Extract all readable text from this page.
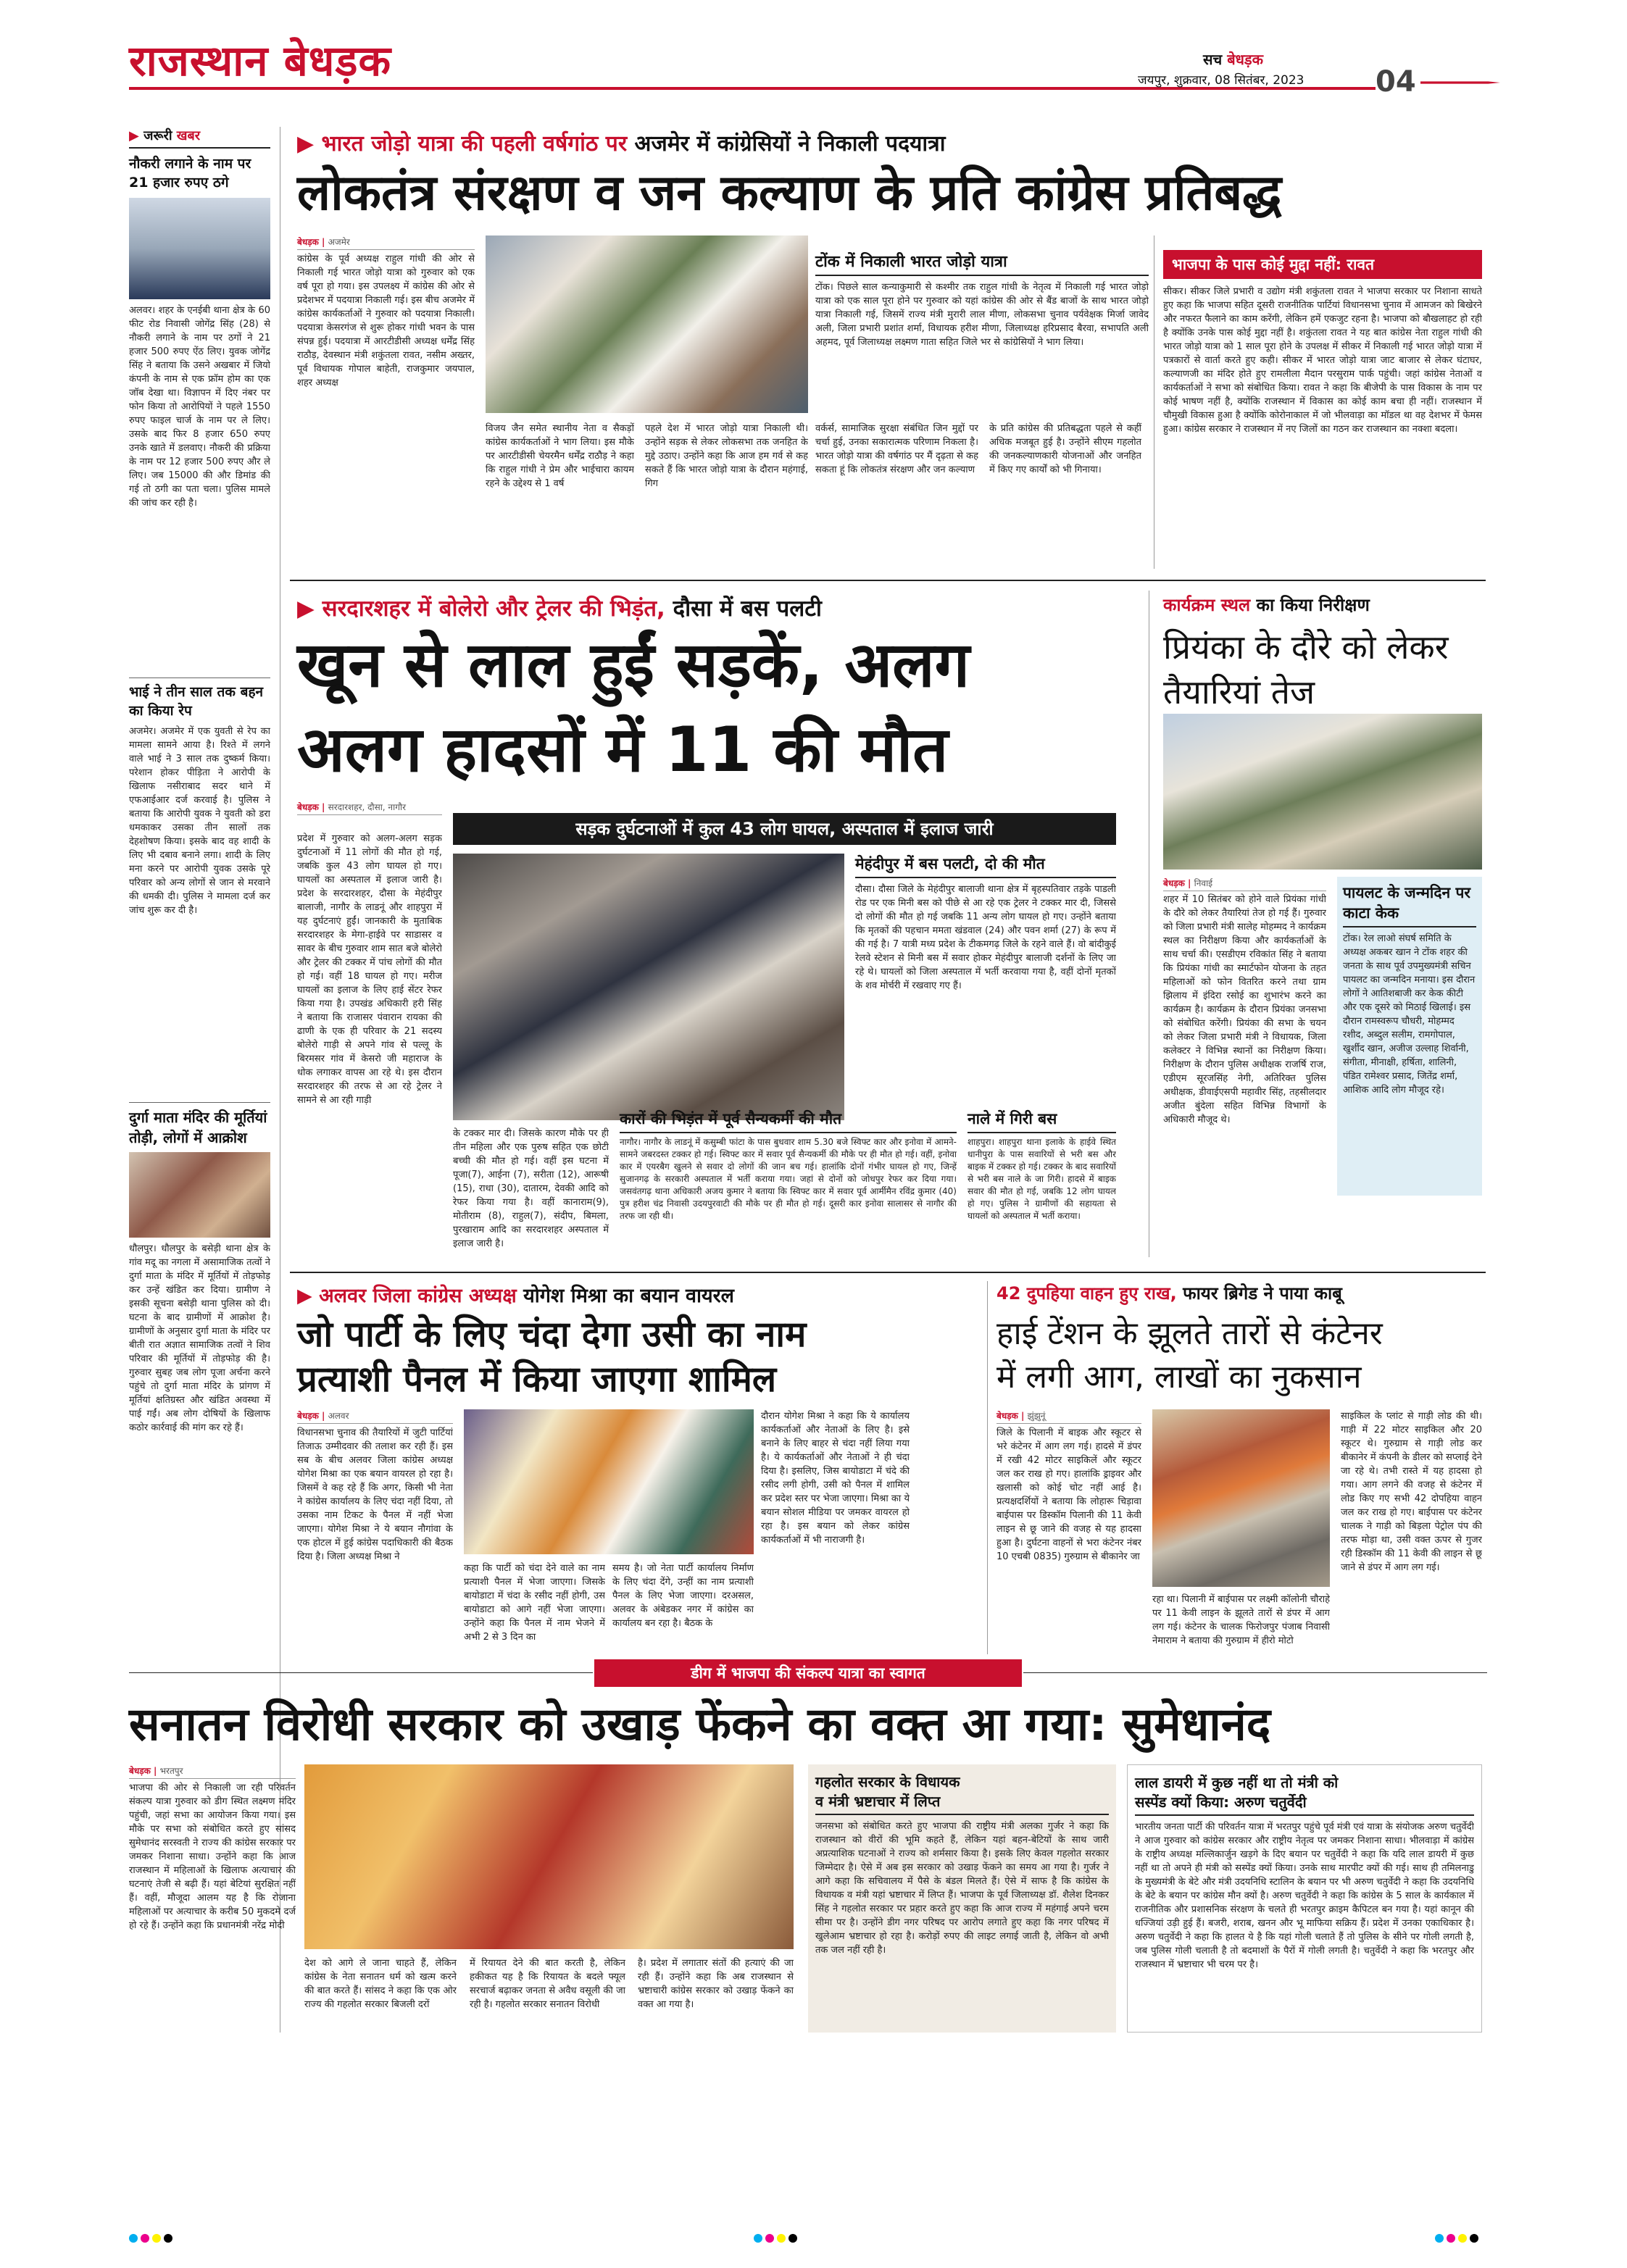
राजस्थान बेधड़क	सच बेधड़क
जयपुर, शुक्रवार, 08 सितंबर, 2023 04
▶ जरूरी खबर
नौकरी लगाने के नाम पर 21 हजार रुपए ठगे
अलवर। शहर के एनईबी थाना क्षेत्र के 60 फीट रोड निवासी जोगेंद्र सिंह (28) से नौकरी लगाने के नाम पर ठगों ने 21 हजार 500 रुपए ऐंठ लिए। युवक जोगेंद्र सिंह ने बताया कि उसने अखबार में जियो कंपनी के नाम से एक फ्रॉम होम का एक जॉब देखा था। विज्ञापन में दिए नंबर पर फोन किया तो आरोपियों ने पहले 1550 रुपए फाइल चार्ज के नाम पर ले लिए। उसके बाद फिर 8 हजार 650 रुपए उनके खाते में डलवाए। नौकरी की प्रक्रिया के नाम पर 12 हजार 500 रुपए और ले लिए। जब 15000 की और डिमांड की गई तो ठगी का पता चला। पुलिस मामले की जांच कर रही है।
भाई ने तीन साल तक बहन का किया रेप
अजमेर। अजमेर में एक युवती से रेप का मामला सामने आया है। रिश्ते में लगने वाले भाई ने 3 साल तक दुष्कर्म किया। परेशान होकर पीड़िता ने आरोपी के खिलाफ नसीराबाद सदर थाने में एफआईआर दर्ज करवाई है। पुलिस ने बताया कि आरोपी युवक ने युवती को डरा धमकाकर उसका तीन सालों तक देहशोषण किया। इसके बाद वह शादी के लिए भी दबाव बनाने लगा। शादी के लिए मना करने पर आरोपी युवक उसके पूरे परिवार को अन्य लोगों से जान से मरवाने की धमकी दी। पुलिस ने मामला दर्ज कर जांच शुरू कर दी है।
दुर्गा माता मंदिर की मूर्तियां तोड़ी, लोगों में आक्रोश
धौलपुर। धौलपुर के बसेड़ी थाना क्षेत्र के गांव मदू का नगला में असामाजिक तत्वों ने दुर्गा माता के मंदिर में मूर्तियों में तोड़फोड़ कर उन्हें खंडित कर दिया। ग्रामीण ने इसकी सूचना बसेड़ी थाना पुलिस को दी। घटना के बाद ग्रामीणों में आक्रोश है। ग्रामीणों के अनुसार दुर्गा माता के मंदिर पर बीती रात अज्ञात सामाजिक तत्वों ने शिव परिवार की मूर्तियों में तोड़फोड़ की है। गुरुवार सुबह जब लोग पूजा अर्चना करने पहुंचे तो दुर्गा माता मंदिर के प्रांगण में मूर्तियां क्षतिग्रस्त और खंडित अवस्था में पाई गईं। अब लोग दोषियों के खिलाफ कठोर कार्रवाई की मांग कर रहे हैं।
▶ भारत जोड़ो यात्रा की पहली वर्षगांठ पर अजमेर में कांग्रेसियों ने निकाली पदयात्रा
लोकतंत्र संरक्षण व जन कल्याण के प्रति कांग्रेस प्रतिबद्ध
बेधड़क | अजमेर
कांग्रेस के पूर्व अध्यक्ष राहुल गांधी की ओर से निकाली गई भारत जोड़ो यात्रा को गुरुवार को एक वर्ष पूरा हो गया। इस उपलक्ष्य में कांग्रेस की ओर से प्रदेशभर में पदयात्रा निकाली गई। इस बीच अजमेर में कांग्रेस कार्यकर्ताओं ने गुरुवार को पदयात्रा निकाली। पदयात्रा केसरगंज से शुरू होकर गांधी भवन के पास संपन्न हुई। पदयात्रा में आरटीडीसी अध्यक्ष धर्मेंद्र सिंह राठौड़, देवस्थान मंत्री शकुंतला रावत, नसीम अख्तर, पूर्व विधायक गोपाल बाहेती, राजकुमार जयपाल, शहर अध्यक्ष
विजय जैन समेत स्थानीय नेता व सैकड़ों कांग्रेस कार्यकर्ताओं ने भाग लिया। इस मौके पर आरटीडीसी चेयरमैन धर्मेंद्र राठौड़ ने कहा कि राहुल गांधी ने प्रेम और भाईचारा कायम रहने के उद्देश्य से 1 वर्ष
पहले देश में भारत जोड़ो यात्रा निकाली थी। उन्होंने सड़क से लेकर लोकसभा तक जनहित के मुद्दे उठाए। उन्होंने कहा कि आज हम गर्व से कह सकते हैं कि भारत जोड़ो यात्रा के दौरान महंगाई, गिग
वर्कर्स, सामाजिक सुरक्षा संबंधित जिन मुद्दों पर चर्चा हुई, उनका सकारात्मक परिणाम निकला है। भारत जोड़ो यात्रा की वर्षगांठ पर मैं दृढ़ता से कह सकता हूं कि लोकतंत्र संरक्षण और जन कल्याण
के प्रति कांग्रेस की प्रतिबद्धता पहले से कहीं अधिक मजबूत हुई है। उन्होंने सीएम गहलोत की जनकल्याणकारी योजनाओं और जनहित में किए गए कार्यों को भी गिनाया।
टोंक में निकाली भारत जोड़ो यात्रा
टोंक। पिछले साल कन्याकुमारी से कश्मीर तक राहुल गांधी के नेतृत्व में निकाली गई भारत जोड़ो यात्रा को एक साल पूरा होने पर गुरुवार को यहां कांग्रेस की ओर से बैंड बाजों के साथ भारत जोड़ो यात्रा निकाली गई, जिसमें राज्य मंत्री मुरारी लाल मीणा, लोकसभा चुनाव पर्यवेक्षक मिर्जा जावेद अली, जिला प्रभारी प्रशांत शर्मा, विधायक हरीश मीणा, जिलाध्यक्ष हरिप्रसाद बैरवा, सभापति अली अहमद, पूर्व जिलाध्यक्ष लक्ष्मण गाता सहित जिले भर से कांग्रेसियों ने भाग लिया।
भाजपा के पास कोई मुद्दा नहीं: रावत
सीकर। सीकर जिले प्रभारी व उद्योग मंत्री शकुंतला रावत ने भाजपा सरकार पर निशाना साधते हुए कहा कि भाजपा सहित दूसरी राजनीतिक पार्टियां विधानसभा चुनाव में आमजन को बिखेरने और नफरत फैलाने का काम करेंगी, लेकिन हमें एकजुट रहना है। भाजपा को बौखलाहट हो रही है क्योंकि उनके पास कोई मुद्दा नहीं है। शकुंतला रावत ने यह बात कांग्रेस नेता राहुल गांधी की भारत जोड़ो यात्रा को 1 साल पूरा होने के उपलक्ष में सीकर में निकाली गई भारत जोड़ो यात्रा में पत्रकारों से वार्ता करते हुए कही। सीकर में भारत जोड़ो यात्रा जाट बाजार से लेकर घंटाघर, कल्याणजी का मंदिर होते हुए रामलीला मैदान परसुराम पार्क पहुंची। जहां कांग्रेस नेताओं व कार्यकर्ताओं ने सभा को संबोधित किया। रावत ने कहा कि बीजेपी के पास विकास के नाम पर कोई भाषण नहीं है, क्योंकि राजस्थान में विकास का कोई काम बचा ही नहीं। राजस्थान में चौमुखी विकास हुआ है क्योंकि कोरोनाकाल में जो भीलवाड़ा का मॉडल था वह देशभर में फेमस हुआ। कांग्रेस सरकार ने राजस्थान में नए जिलों का गठन कर राजस्थान का नक्शा बदला।
▶ सरदारशहर में बोलेरो और ट्रेलर की भिड़ंत, दौसा में बस पलटी
खून से लाल हुईं सड़कें, अलग
अलग हादसों में 11 की मौत
बेधड़क | सरदारशहर, दौसा, नागौर
प्रदेश में गुरुवार को अलग-अलग सड़क दुर्घटनाओं में 11 लोगों की मौत हो गई, जबकि कुल 43 लोग घायल हो गए। घायलों का अस्पताल में इलाज जारी है। प्रदेश के सरदारशहर, दौसा के मेहंदीपुर बालाजी, नागौर के लाडनूं और शाहपुरा में यह दुर्घटनाएं हुईं। जानकारी के मुताबिक सरदारशहर के मेगा-हाईवे पर साडासर व सावर के बीच गुरुवार शाम सात बजे बोलेरो और ट्रेलर की टक्कर में पांच लोगों की मौत हो गई। वहीं 18 घायल हो गए। मरीज घायलों का इलाज के लिए हाई सेंटर रेफर किया गया है। उपखंड अधिकारी हरी सिंह ने बताया कि राजासर पंवारान रायका की ढाणी के एक ही परिवार के 21 सदस्य बोलेरो गाड़ी से अपने गांव से पल्लू के बिरमसर गांव में केसरो जी महाराज के धोक लगाकर वापस आ रहे थे। इस दौरान सरदारशहर की तरफ से आ रहे ट्रेलर ने सामने से आ रही गाड़ी
सड़क दुर्घटनाओं में कुल 43 लोग घायल, अस्पताल में इलाज जारी
के टक्कर मार दी। जिसके कारण मौके पर ही तीन महिला और एक पुरुष सहित एक छोटी बच्ची की मौत हो गई। वहीं इस घटना में पूजा(7), आईना (7), सरीता (12), आरूषी (15), राधा (30), दातारम, देवकी आदि को रेफर किया गया है। वहीं कानाराम(9), मोतीराम (8), राहुल(7), संदीप, बिमला, पुरखाराम आदि का सरदारशहर अस्पताल में इलाज जारी है।
मेहंदीपुर में बस पलटी, दो की मौत
दौसा। दौसा जिले के मेहंदीपुर बालाजी थाना क्षेत्र में बृहस्पतिवार तड़के पाडली रोड पर एक मिनी बस को पीछे से आ रहे एक ट्रेलर ने टक्कर मार दी, जिससे दो लोगों की मौत हो गई जबकि 11 अन्य लोग घायल हो गए। उन्होंने बताया कि मृतकों की पहचान ममता खंडवाल (24) और पवन शर्मा (27) के रूप में की गई है। 7 यात्री मध्य प्रदेश के टीकमगढ़ जिले के रहने वाले हैं। वो बांदीकुई रेलवे स्टेशन से मिनी बस में सवार होकर मेहंदीपुर बालाजी दर्शनों के लिए जा रहे थे। घायलों को जिला अस्पताल में भर्ती करवाया गया है, वहीं दोनों मृतकों के शव मोर्चरी में रखवाए गए हैं।
कारों की भिड़ंत में पूर्व सैन्यकर्मी की मौत
नागौर। नागौर के लाडनूं में कसुम्बी फांटा के पास बुधवार शाम 5.30 बजे स्विफ्ट कार और इनोवा में आमने-सामने जबरदस्त टक्कर हो गई। स्विफ्ट कार में सवार पूर्व सैन्यकर्मी की मौके पर ही मौत हो गई। वहीं, इनोवा कार में एयरबैग खुलने से सवार दो लोगों की जान बच गई। हालांकि दोनों गंभीर घायल हो गए, जिन्हें सुजानगढ़ के सरकारी अस्पताल में भर्ती कराया गया। जहां से दोनों को जोधपुर रेफर कर दिया गया। जसवंतगढ़ थाना अधिकारी अजय कुमार ने बताया कि स्विफ्ट कार में सवार पूर्व आर्मीमैन रविंद्र कुमार (40) पुत्र हरीश चंद्र निवासी उदयपुरवाटी की मौके पर ही मौत हो गई। दूसरी कार इनोवा सालासर से नागौर की तरफ जा रही थी।
नाले में गिरी बस
शाहपुरा। शाहपुरा थाना इलाके के हाईवे स्थित धानीपुरा के पास सवारियों से भरी बस और बाइक में टक्कर हो गई। टक्कर के बाद सवारियों से भरी बस नाले के जा गिरी। हादसे में बाइक सवार की मौत हो गई, जबकि 12 लोग घायल हो गए। पुलिस ने ग्रामीणों की सहायता से घायलों को अस्पताल में भर्ती कराया।
कार्यक्रम स्थल का किया निरीक्षण
प्रियंका के दौरे को लेकर तैयारियां तेज
बेधड़क | निवाई
शहर में 10 सितंबर को होने वाले प्रियंका गांधी के दौरे को लेकर तैयारियां तेज हो गई हैं। गुरुवार को जिला प्रभारी मंत्री सालेह मोहम्मद ने कार्यक्रम स्थल का निरीक्षण किया और कार्यकर्ताओं के साथ चर्चा की। एसडीएम रविकांत सिंह ने बताया कि प्रियंका गांधी का स्मार्टफोन योजना के तहत महिलाओं को फोन वितरित करने तथा ग्राम झिलाय में इंदिरा रसोई का शुभारंभ करने का कार्यक्रम है। कार्यक्रम के दौरान प्रियंका जनसभा को संबोधित करेंगी। प्रियंका की सभा के चयन को लेकर जिला प्रभारी मंत्री ने विधायक, जिला कलेक्टर ने विभिन्न स्थानों का निरीक्षण किया। निरीक्षण के दौरान पुलिस अधीक्षक राजर्षि राज, एडीएम सूरजसिंह नेगी, अतिरिक्त पुलिस अधीक्षक, डीवाईएसपी महावीर सिंह, तहसीलदार अजीत बुंदेला सहित विभिन्न विभागों के अधिकारी मौजूद थे।
पायलट के जन्मदिन पर काटा केक
टोंक। रेल लाओ संघर्ष समिति के अध्यक्ष अकबर खान ने टोंक शहर की जनता के साथ पूर्व उपमुख्यमंत्री सचिन पायलट का जन्मदिन मनाया। इस दौरान लोगों ने आतिशबाजी कर केक कीटी और एक दूसरे को मिठाई खिलाई। इस दौरान रामस्वरूप चौधरी, मोहम्मद रशीद, अब्दुल सलीम, रामगोपाल, खुर्शीद खान, अजीज उल्लाह शिर्वानी, संगीता, मीनाक्षी, हर्षिता, शालिनी, पंडित रामेश्वर प्रसाद, जितेंद्र शर्मा, आशिक आदि लोग मौजूद रहे।
▶ अलवर जिला कांग्रेस अध्यक्ष योगेश मिश्रा का बयान वायरल
जो पार्टी के लिए चंदा देगा उसी का नाम
प्रत्याशी पैनल में किया जाएगा शामिल
बेधड़क | अलवर
विधानसभा चुनाव की तैयारियों में जुटी पार्टियां तिजाऊ उम्मीदवार की तलाश कर रही हैं। इस सब के बीच अलवर जिला कांग्रेस अध्यक्ष योगेश मिश्रा का एक बयान वायरल हो रहा है। जिसमें वे कह रहे हैं कि अगर, किसी भी नेता ने कांग्रेस कार्यालय के लिए चंदा नहीं दिया, तो उसका नाम टिकट के पैनल में नहीं भेजा जाएगा। योगेश मिश्रा ने ये बयान नौगांवा के एक होटल में हुई कांग्रेस पदाधिकारी की बैठक दिया है। जिला अध्यक्ष मिश्रा ने
कहा कि पार्टी को चंदा देने वाले का नाम प्रत्याशी पैनल में भेजा जाएगा। जिसके बायोडाटा में चंदा के रसीद नहीं होगी, उस बायोडाटा को आगे नहीं भेजा जाएगा। उन्होंने कहा कि पैनल में नाम भेजने में अभी 2 से 3 दिन का
समय है। जो नेता पार्टी कार्यालय निर्माण के लिए चंदा देंगे, उन्हीं का नाम प्रत्याशी पैनल के लिए भेजा जाएगा। दरअसल, अलवर के अंबेडकर नगर में कांग्रेस का कार्यालय बन रहा है। बैठक के
दौरान योगेश मिश्रा ने कहा कि ये कार्यालय कार्यकर्ताओं और नेताओं के लिए है। इसे बनाने के लिए बाहर से चंदा नहीं लिया गया है। ये कार्यकर्ताओं और नेताओं ने ही चंदा दिया है। इसलिए, जिस बायोडाटा में चंदे की रसीद लगी होगी, उसी को पैनल में शामिल कर प्रदेश स्तर पर भेजा जाएगा। मिश्रा का ये बयान सोशल मीडिया पर जमकर वायरल हो रहा है। इस बयान को लेकर कांग्रेस कार्यकर्ताओं में भी नाराजगी है।
42 दुपहिया वाहन हुए राख, फायर ब्रिगेड ने पाया काबू
हाई टेंशन के झूलते तारों से कंटेनर
में लगी आग, लाखों का नुकसान
बेधड़क | झुंझुनूं
जिले के पिलानी में बाइक और स्कूटर से भरे कंटेनर में आग लग गई। हादसे में डंपर में रखी 42 मोटर साइकिलें और स्कूटर जल कर राख हो गए। हालांकि ड्राइवर और खलासी को कोई चोट नहीं आई है। प्रत्यक्षदर्शियों ने बताया कि लोहारू चिड़ावा बाईपास पर डिस्कॉम पिलानी की 11 केवी लाइन से छू जाने की वजह से यह हादसा हुआ है। दुर्घटना वाहनों से भरा कंटेनर नंबर 10 एचबी 0835) गुरुग्राम से बीकानेर जा
रहा था। पिलानी में बाईपास पर लक्ष्मी कॉलोनी चौराहे पर 11 केवी लाइन के झूलते तारों से डंपर में आग लग गई। कंटेनर के चालक फिरोजपुर पंजाब निवासी नेमाराम ने बताया की गुरुग्राम में हीरो मोटो
साइकिल के प्लांट से गाड़ी लोड की थी। गाड़ी में 22 मोटर साइकिल और 20 स्कूटर थे। गुरुग्राम से गाड़ी लोड कर बीकानेर में कंपनी के डीलर को सप्लाई देने जा रहे थे। तभी रास्ते में यह हादसा हो गया। आग लगने की वजह से कंटेनर में लोड किए गए सभी 42 दोपहिया वाहन जल कर राख हो गए। बाईपास पर कंटेनर चालक ने गाड़ी को बिड़ला पेट्रोल पंप की तरफ मोड़ा था, उसी वक्त ऊपर से गुजर रही डिस्कॉम की 11 केवी की लाइन से छू जाने से डंपर में आग लग गई।
डीग में भाजपा की संकल्प यात्रा का स्वागत
सनातन विरोधी सरकार को उखाड़ फेंकने का वक्त आ गया: सुमेधानंद
बेधड़क | भरतपुर
भाजपा की ओर से निकाली जा रही परिवर्तन संकल्प यात्रा गुरुवार को डीग स्थित लक्ष्मण मंदिर पहुंची, जहां सभा का आयोजन किया गया। इस मौके पर सभा को संबोधित करते हुए सांसद सुमेधानंद सरस्वती ने राज्य की कांग्रेस सरकार पर जमकर निशाना साधा। उन्होंने कहा कि आज राजस्थान में महिलाओं के खिलाफ अत्याचार की घटनाएं तेजी से बढ़ी हैं। यहां बेटियां सुरक्षित नहीं हैं। वहीं, मौजूदा आलम यह है कि रोजाना महिलाओं पर अत्याचार के करीब 50 मुकदमे दर्ज हो रहे हैं। उन्होंने कहा कि प्रधानमंत्री नरेंद्र मोदी
देश को आगे ले जाना चाहते हैं, लेकिन कांग्रेस के नेता सनातन धर्म को खत्म करने की बात करते हैं। सांसद ने कहा कि एक ओर राज्य की गहलोत सरकार बिजली दरों
में रियायत देने की बात करती है, लेकिन हकीकत यह है कि रियायत के बदले फ्यूल सरचार्ज बढ़ाकर जनता से अवैध वसूली की जा रही है। गहलोत सरकार सनातन विरोधी
है। प्रदेश में लगातार संतों की हत्याएं की जा रही हैं। उन्होंने कहा कि अब राजस्थान से भ्रष्टाचारी कांग्रेस सरकार को उखाड़ फेंकने का वक्त आ गया है।
गहलोत सरकार के विधायक
व मंत्री भ्रष्टाचार में लिप्त
जनसभा को संबोधित करते हुए भाजपा की राष्ट्रीय मंत्री अलका गुर्जर ने कहा कि राजस्थान को वीरों की भूमि कहते हैं, लेकिन यहां बहन-बेटियों के साथ जारी अप्रत्याशिक घटनाओं ने राज्य को शर्मसार किया है। इसके लिए केवल गहलोत सरकार जिम्मेदार है। ऐसे में अब इस सरकार को उखाड़ फेंकने का समय आ गया है। गुर्जर ने आगे कहा कि सचिवालय में पैसे के बंडल मिलते हैं। ऐसे में साफ है कि कांग्रेस के विधायक व मंत्री यहां भ्रष्टाचार में लिप्त हैं। भाजपा के पूर्व जिलाध्यक्ष डॉ. शैलेश दिनकर सिंह ने गहलोत सरकार पर प्रहार करते हुए कहा कि आज राज्य में महंगाई अपने चरम सीमा पर है। उन्होंने डीग नगर परिषद पर आरोप लगाते हुए कहा कि नगर परिषद में खुलेआम भ्रष्टाचार हो रहा है। करोड़ों रुपए की लाइट लगाई जाती है, लेकिन वो अभी तक जल नहीं रही है।
लाल डायरी में कुछ नहीं था तो मंत्री को
सस्पेंड क्यों किया: अरुण चतुर्वेदी
भारतीय जनता पार्टी की परिवर्तन यात्रा में भरतपुर पहुंचे पूर्व मंत्री एवं यात्रा के संयोजक अरुण चतुर्वेदी ने आज गुरुवार को कांग्रेस सरकार और राष्ट्रीय नेतृत्व पर जमकर निशाना साधा। भीलवाड़ा में कांग्रेस के राष्ट्रीय अध्यक्ष मल्लिकार्जुन खड़गे के दिए बयान पर चतुर्वेदी ने कहा कि यदि लाल डायरी में कुछ नहीं था तो अपने ही मंत्री को सस्पेंड क्यों किया। उनके साथ मारपीट क्यों की गई। साथ ही तमिलनाडु के मुख्यमंत्री के बेटे और मंत्री उदयनिधि स्टालिन के बयान पर भी अरुण चतुर्वेदी ने कहा कि उदयनिधि के बेटे के बयान पर कांग्रेस मौन क्यों है। अरुण चतुर्वेदी ने कहा कि कांग्रेस के 5 साल के कार्यकाल में राजनीतिक और प्रशासनिक संरक्षण के चलते ही भरतपुर क्राइम कैपिटल बन गया है। यहां कानून की धज्जियां उड़ी हुई हैं। बजरी, शराब, खनन और भू माफिया सक्रिय हैं। प्रदेश में उनका एकाधिकार है। अरुण चतुर्वेदी ने कहा कि हालत ये है कि यहां गोली चलाते हैं तो पुलिस के सीने पर गोली लगती है, जब पुलिस गोली चलाती है तो बदमाशों के पैरों में गोली लगती है। चतुर्वेदी ने कहा कि भरतपुर और राजस्थान में भ्रष्टाचार भी चरम पर है।
